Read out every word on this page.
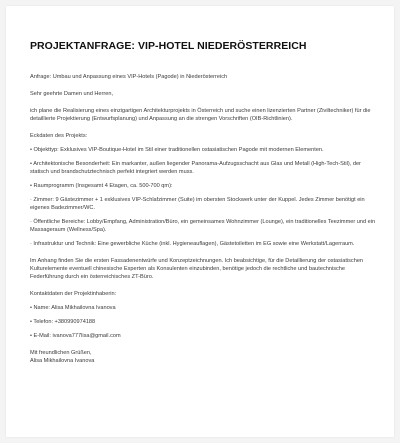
PROJEKTANFRAGE: VIP-HOTEL NIEDERÖSTERREICH

Anfrage: Umbau und Anpassung eines VIP-Hotels (Pagode) in Niederösterreich

Sehr geehrte Damen und Herren,

ich plane die Realisierung eines einzigartigen Architekturprojekts in Österreich und suche einen lizenzierten Partner (Ziviltechniker) für die detaillierte Projektierung (Entwurfsplanung) und Anpassung an die strengen Vorschriften (OIB-Richtlinien).

Eckdaten des Projekts:

• Objekttyp: Exklusives VIP-Boutique-Hotel im Stil einer traditionellen ostasiatischen Pagode mit modernen Elementen.

• Architektonische Besonderheit: Ein markanter, außen liegender Panorama-Aufzugsschacht aus Glas und Metall (High-Tech-Stil), der statisch und brandschutztechnisch perfekt integriert werden muss.

• Raumprogramm (Insgesamt 4 Etagen, ca. 500-700 qm):

· Zimmer: 9 Gästezimmer + 1 exklusives VIP-Schlafzimmer (Suite) im obersten Stockwerk unter der Kuppel. Jedes Zimmer benötigt ein eigenes Badezimmer/WC.

· Öffentliche Bereiche: Lobby/Empfang, Administration/Büro, ein gemeinsames Wohnzimmer (Lounge), ein traditionelles Teezimmer und ein Massageraum (Wellness/Spa).

· Infrastruktur und Technik: Eine gewerbliche Küche (inkl. Hygieneauflagen), Gästetoiletten im EG sowie eine Werkstatt/Lagerraum.

Im Anhang finden Sie die ersten Fassadenentwürfe und Konzeptzeichnungen. Ich beabsichtige, für die Detaillierung der ostasiatischen Kulturelemente eventuell chinesische Experten als Konsulenten einzubinden, benötige jedoch die rechtliche und bautechnische Federführung durch ein österreichisches ZT-Büro.

Kontaktdaten der Projektinhaberin:

• Name: Alisa Mikhailovna Ivanova

• Telefon: +380990974188

• E-Mail: ivanova777lisa@gmail.com

Mit freundlichen Grüßen,

Alisa Mikhailovna Ivanova
